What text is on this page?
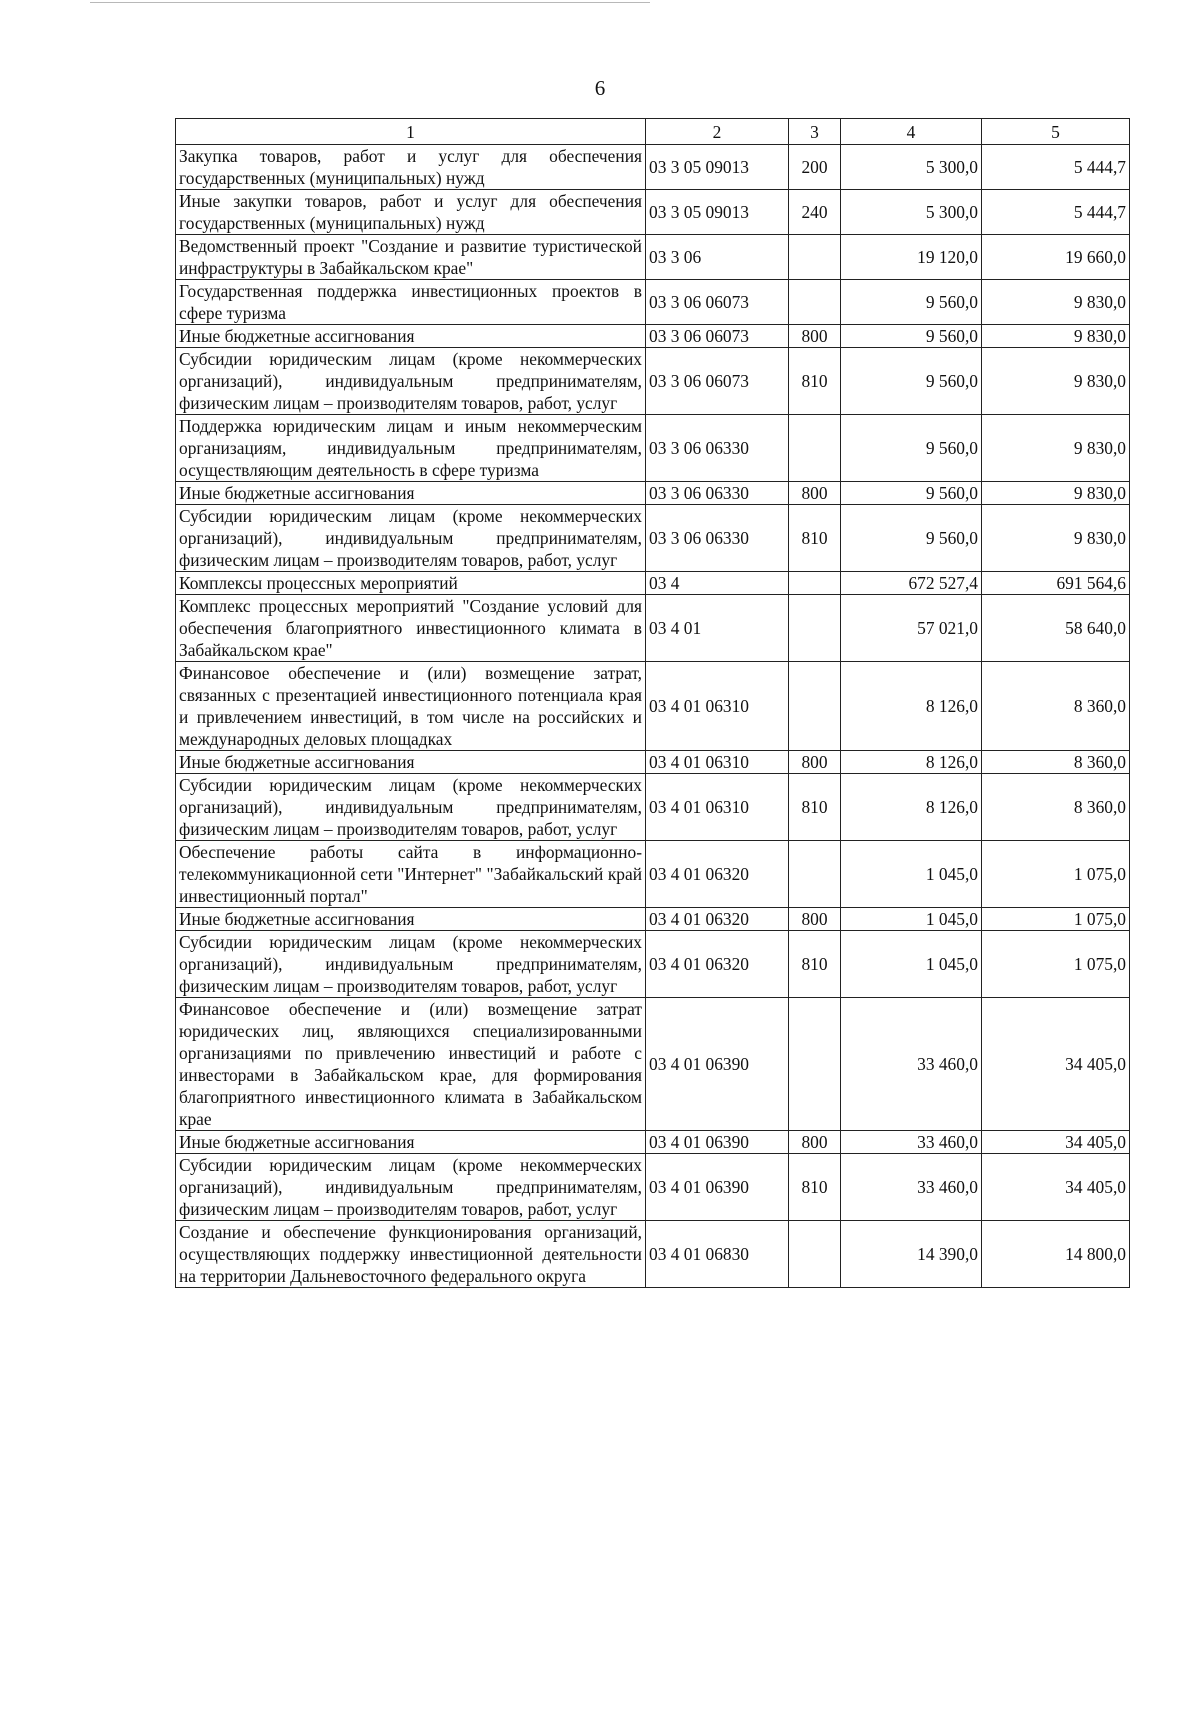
6
1	2	3	4	5
Закупка товаров, работ и услуг для обеспечения государственных (муниципальных) нужд	03 3 05 09013	200	5 300,0	5 444,7
Иные закупки товаров, работ и услуг для обеспечения государственных (муниципальных) нужд	03 3 05 09013	240	5 300,0	5 444,7
Ведомственный проект "Создание и развитие туристической инфраструктуры в Забайкальском крае"	03 3 06		19 120,0	19 660,0
Государственная поддержка инвестиционных проектов в сфере туризма	03 3 06 06073		9 560,0	9 830,0
Иные бюджетные ассигнования	03 3 06 06073	800	9 560,0	9 830,0
Субсидии юридическим лицам (кроме некоммерческих организаций), индивидуальным предпринимателям, физическим лицам – производителям товаров, работ, услуг	03 3 06 06073	810	9 560,0	9 830,0
Поддержка юридическим лицам и иным некоммерческим организациям, индивидуальным предпринимателям, осуществляющим деятельность в сфере туризма	03 3 06 06330		9 560,0	9 830,0
Иные бюджетные ассигнования	03 3 06 06330	800	9 560,0	9 830,0
Субсидии юридическим лицам (кроме некоммерческих организаций), индивидуальным предпринимателям, физическим лицам – производителям товаров, работ, услуг	03 3 06 06330	810	9 560,0	9 830,0
Комплексы процессных мероприятий	03 4		672 527,4	691 564,6
Комплекс процессных мероприятий "Создание условий для обеспечения благоприятного инвестиционного климата в Забайкальском крае"	03 4 01		57 021,0	58 640,0
Финансовое обеспечение и (или) возмещение затрат, связанных с презентацией инвестиционного потенциала края и привлечением инвестиций, в том числе на российских и международных деловых площадках	03 4 01 06310		8 126,0	8 360,0
Иные бюджетные ассигнования	03 4 01 06310	800	8 126,0	8 360,0
Субсидии юридическим лицам (кроме некоммерческих организаций), индивидуальным предпринимателям, физическим лицам – производителям товаров, работ, услуг	03 4 01 06310	810	8 126,0	8 360,0
Обеспечение работы сайта в информационно-телекоммуникационной сети "Интернет" "Забайкальский край инвестиционный портал"	03 4 01 06320		1 045,0	1 075,0
Иные бюджетные ассигнования	03 4 01 06320	800	1 045,0	1 075,0
Субсидии юридическим лицам (кроме некоммерческих организаций), индивидуальным предпринимателям, физическим лицам – производителям товаров, работ, услуг	03 4 01 06320	810	1 045,0	1 075,0
Финансовое обеспечение и (или) возмещение затрат юридических лиц, являющихся специализированными организациями по привлечению инвестиций и работе с инвесторами в Забайкальском крае, для формирования благоприятного инвестиционного климата в Забайкальском крае	03 4 01 06390		33 460,0	34 405,0
Иные бюджетные ассигнования	03 4 01 06390	800	33 460,0	34 405,0
Субсидии юридическим лицам (кроме некоммерческих организаций), индивидуальным предпринимателям, физическим лицам – производителям товаров, работ, услуг	03 4 01 06390	810	33 460,0	34 405,0
Создание и обеспечение функционирования организаций, осуществляющих поддержку инвестиционной деятельности на территории Дальневосточного федерального округа	03 4 01 06830		14 390,0	14 800,0
